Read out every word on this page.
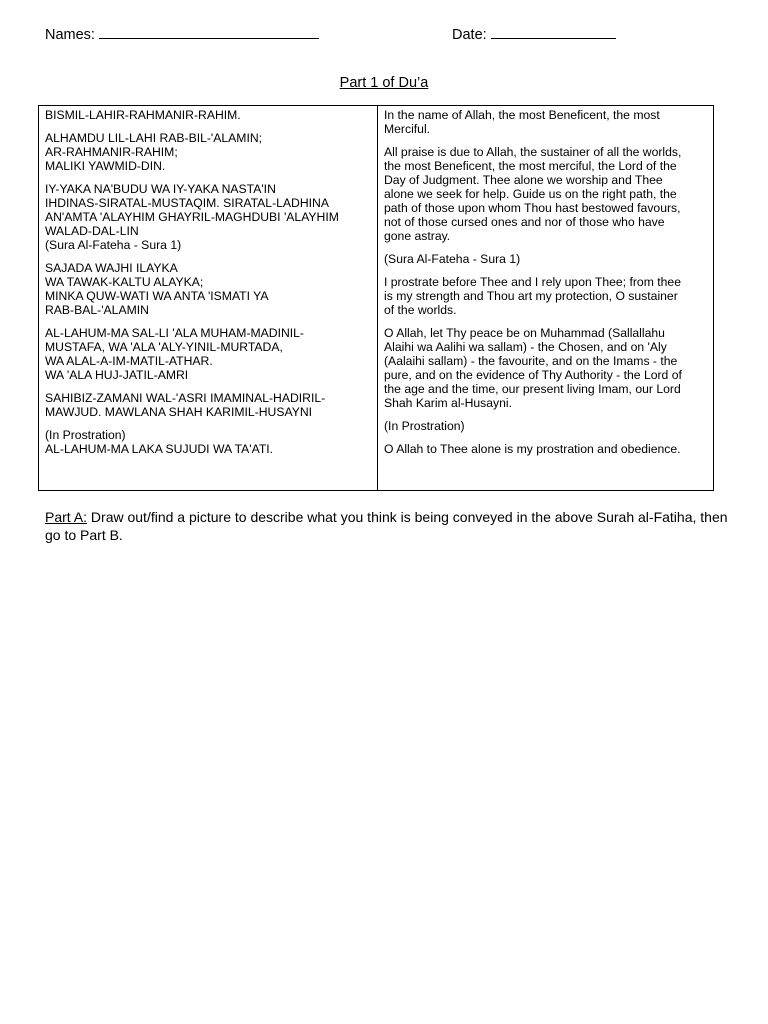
Names:	Date:
Part 1 of Du’a

BISMIL-LAHIR-RAHMANIR-RAHIM.

ALHAMDU LIL-LAHI RAB-BIL-'ALAMIN;
AR-RAHMANIR-RAHIM;
MALIKI YAWMID-DIN.

IY-YAKA NA'BUDU WA IY-YAKA NASTA'IN
IHDINAS-SIRATAL-MUSTAQIM. SIRATAL-LADHINA
AN'AMTA 'ALAYHIM GHAYRIL-MAGHDUBI 'ALAYHIM
WALAD-DAL-LIN
(Sura Al-Fateha - Sura 1)

SAJADA WAJHI ILAYKA
WA TAWAK-KALTU ALAYKA;
MINKA QUW-WATI WA ANTA 'ISMATI YA
RAB-BAL-'ALAMIN

AL-LAHUM-MA SAL-LI 'ALA MUHAM-MADINIL-
MUSTAFA, WA 'ALA 'ALY-YINIL-MURTADA,
WA ALAL-A-IM-MATIL-ATHAR.
WA 'ALA HUJ-JATIL-AMRI

SAHIBIZ-ZAMANI WAL-'ASRI IMAMINAL-HADIRIL-
MAWJUD. MAWLANA SHAH KARIMIL-HUSAYNI

(In Prostration)
AL-LAHUM-MA LAKA SUJUDI WA TA'ATI.

In the name of Allah, the most Beneficent, the most
Merciful.

All praise is due to Allah, the sustainer of all the worlds,
the most Beneficent, the most merciful, the Lord of the
Day of Judgment. Thee alone we worship and Thee
alone we seek for help. Guide us on the right path, the
path of those upon whom Thou hast bestowed favours,
not of those cursed ones and nor of those who have
gone astray.

(Sura Al-Fateha - Sura 1)

I prostrate before Thee and I rely upon Thee; from thee
is my strength and Thou art my protection, O sustainer
of the worlds.

O Allah, let Thy peace be on Muhammad (Sallallahu
Alaihi wa Aalihi wa sallam) - the Chosen, and on 'Aly
(Aalaihi sallam) - the favourite, and on the Imams - the
pure, and on the evidence of Thy Authority - the Lord of
the age and the time, our present living Imam, our Lord
Shah Karim al-Husayni.

(In Prostration)

O Allah to Thee alone is my prostration and obedience.

Part A: Draw out/find a picture to describe what you think is being conveyed in the above Surah al-Fatiha, then go to Part B.
